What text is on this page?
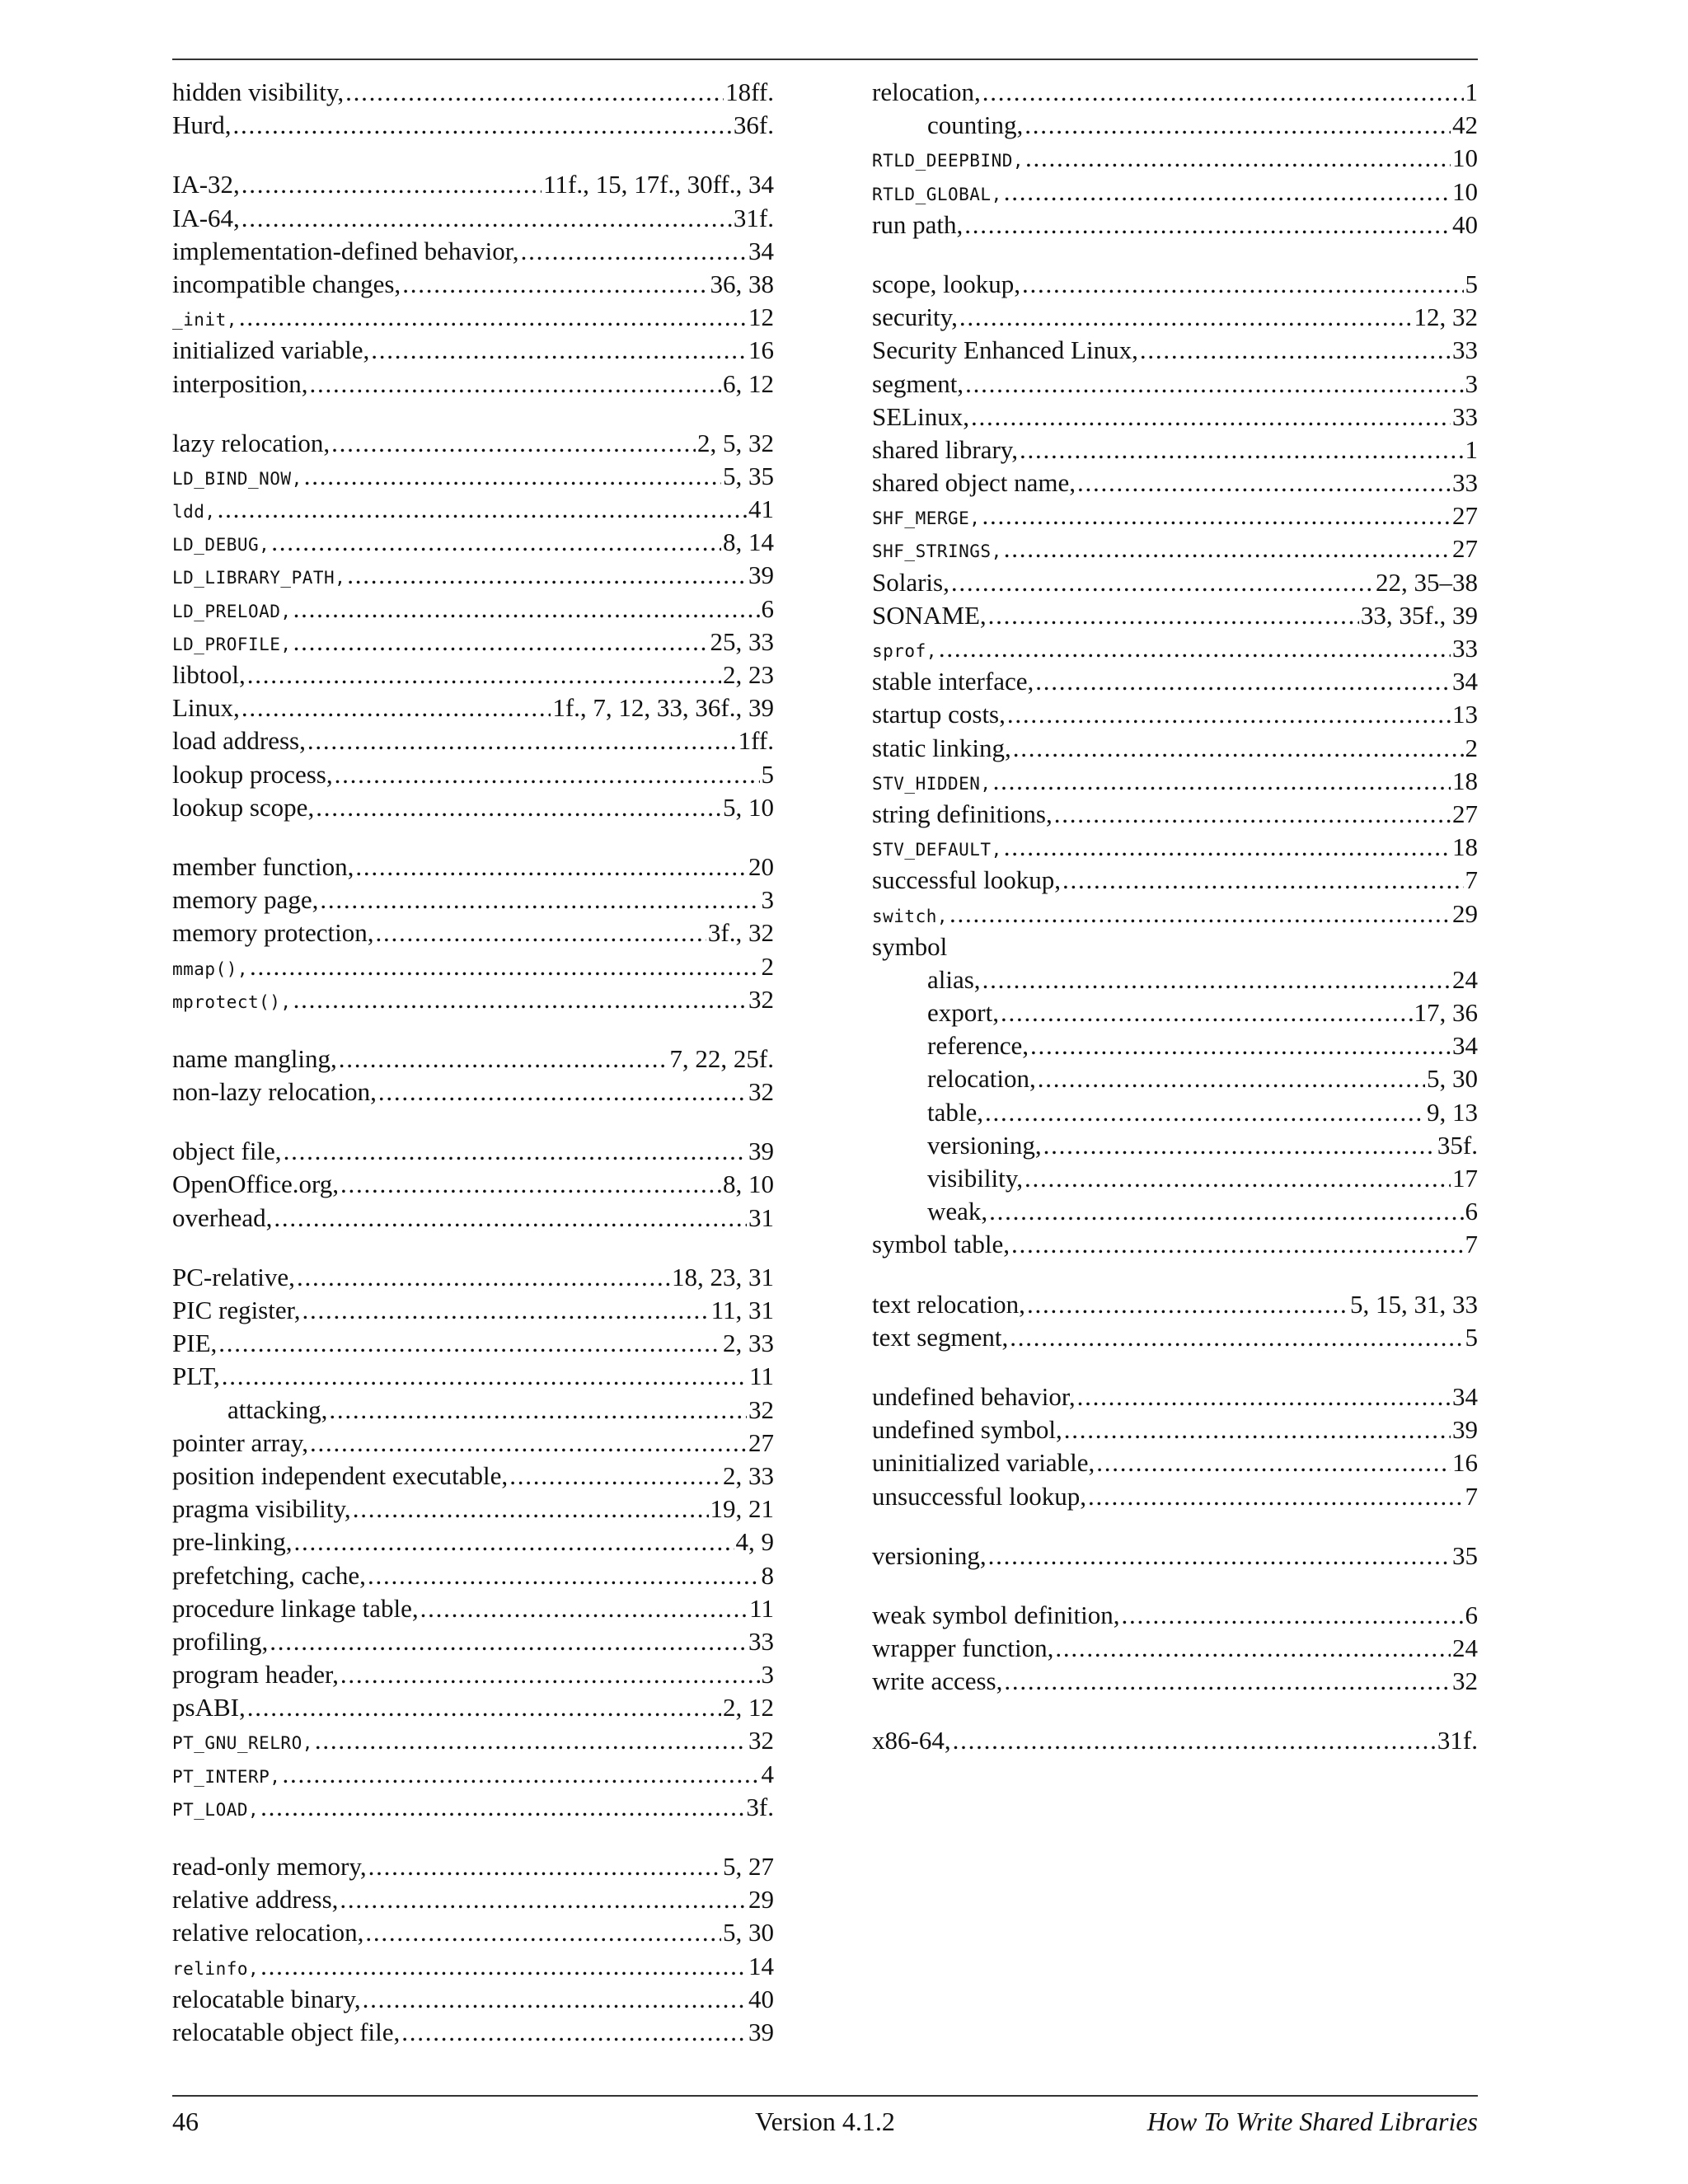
hidden visibility, . . .	18ff.
Hurd, . . .	36f.
IA-32, . . .	11f., 15, 17f., 30ff., 34
IA-64, . . .	31f.
implementation-defined behavior, . . .	34
incompatible changes, . . .	36, 38
_init, . . .	12
initialized variable, . . .	16
interposition, . . .	6, 12
lazy relocation, . . .	2, 5, 32
LD_BIND_NOW, . . .	5, 35
ldd, . . .	41
LD_DEBUG, . . .	8, 14
LD_LIBRARY_PATH, . . .	39
LD_PRELOAD, . . .	6
LD_PROFILE, . . .	25, 33
libtool, . . .	2, 23
Linux, . . .	1f., 7, 12, 33, 36f., 39
load address, . . .	1ff.
lookup process, . . .	5
lookup scope, . . .	5, 10
member function, . . .	20
memory page, . . .	3
memory protection, . . .	3f., 32
mmap(), . . .	2
mprotect(), . . .	32
name mangling, . . .	7, 22, 25f.
non-lazy relocation, . . .	32
object file, . . .	39
OpenOffice.org, . . .	8, 10
overhead, . . .	31
PC-relative, . . .	18, 23, 31
PIC register, . . .	11, 31
PIE, . . .	2, 33
PLT, . . .	11
attacking, . . .	32
pointer array, . . .	27
position independent executable, . . .	2, 33
pragma visibility, . . .	19, 21
pre-linking, . . .	4, 9
prefetching, cache, . . .	8
procedure linkage table, . . .	11
profiling, . . .	33
program header, . . .	3
psABI, . . .	2, 12
PT_GNU_RELRO, . . .	32
PT_INTERP, . . .	4
PT_LOAD, . . .	3f.
read-only memory, . . .	5, 27
relative address, . . .	29
relative relocation, . . .	5, 30
relinfo, . . .	14
relocatable binary, . . .	40
relocatable object file, . . .	39
relocation, . . .	1
counting, . . .	42
RTLD_DEEPBIND, . . .	10
RTLD_GLOBAL, . . .	10
run path, . . .	40
scope, lookup, . . .	5
security, . . .	12, 32
Security Enhanced Linux, . . .	33
segment, . . .	3
SELinux, . . .	33
shared library, . . .	1
shared object name, . . .	33
SHF_MERGE, . . .	27
SHF_STRINGS, . . .	27
Solaris, . . .	22, 35–38
SONAME, . . .	33, 35f., 39
sprof, . . .	33
stable interface, . . .	34
startup costs, . . .	13
static linking, . . .	2
STV_HIDDEN, . . .	18
string definitions, . . .	27
STV_DEFAULT, . . .	18
successful lookup, . . .	7
switch, . . .	29
symbol
alias, . . .	24
export, . . .	17, 36
reference, . . .	34
relocation, . . .	5, 30
table, . . .	9, 13
versioning, . . .	35f.
visibility, . . .	17
weak, . . .	6
symbol table, . . .	7
text relocation, . . .	5, 15, 31, 33
text segment, . . .	5
undefined behavior, . . .	34
undefined symbol, . . .	39
uninitialized variable, . . .	16
unsuccessful lookup, . . .	7
versioning, . . .	35
weak symbol definition, . . .	6
wrapper function, . . .	24
write access, . . .	32
x86-64, . . .	31f.
46	Version 4.1.2	How To Write Shared Libraries
